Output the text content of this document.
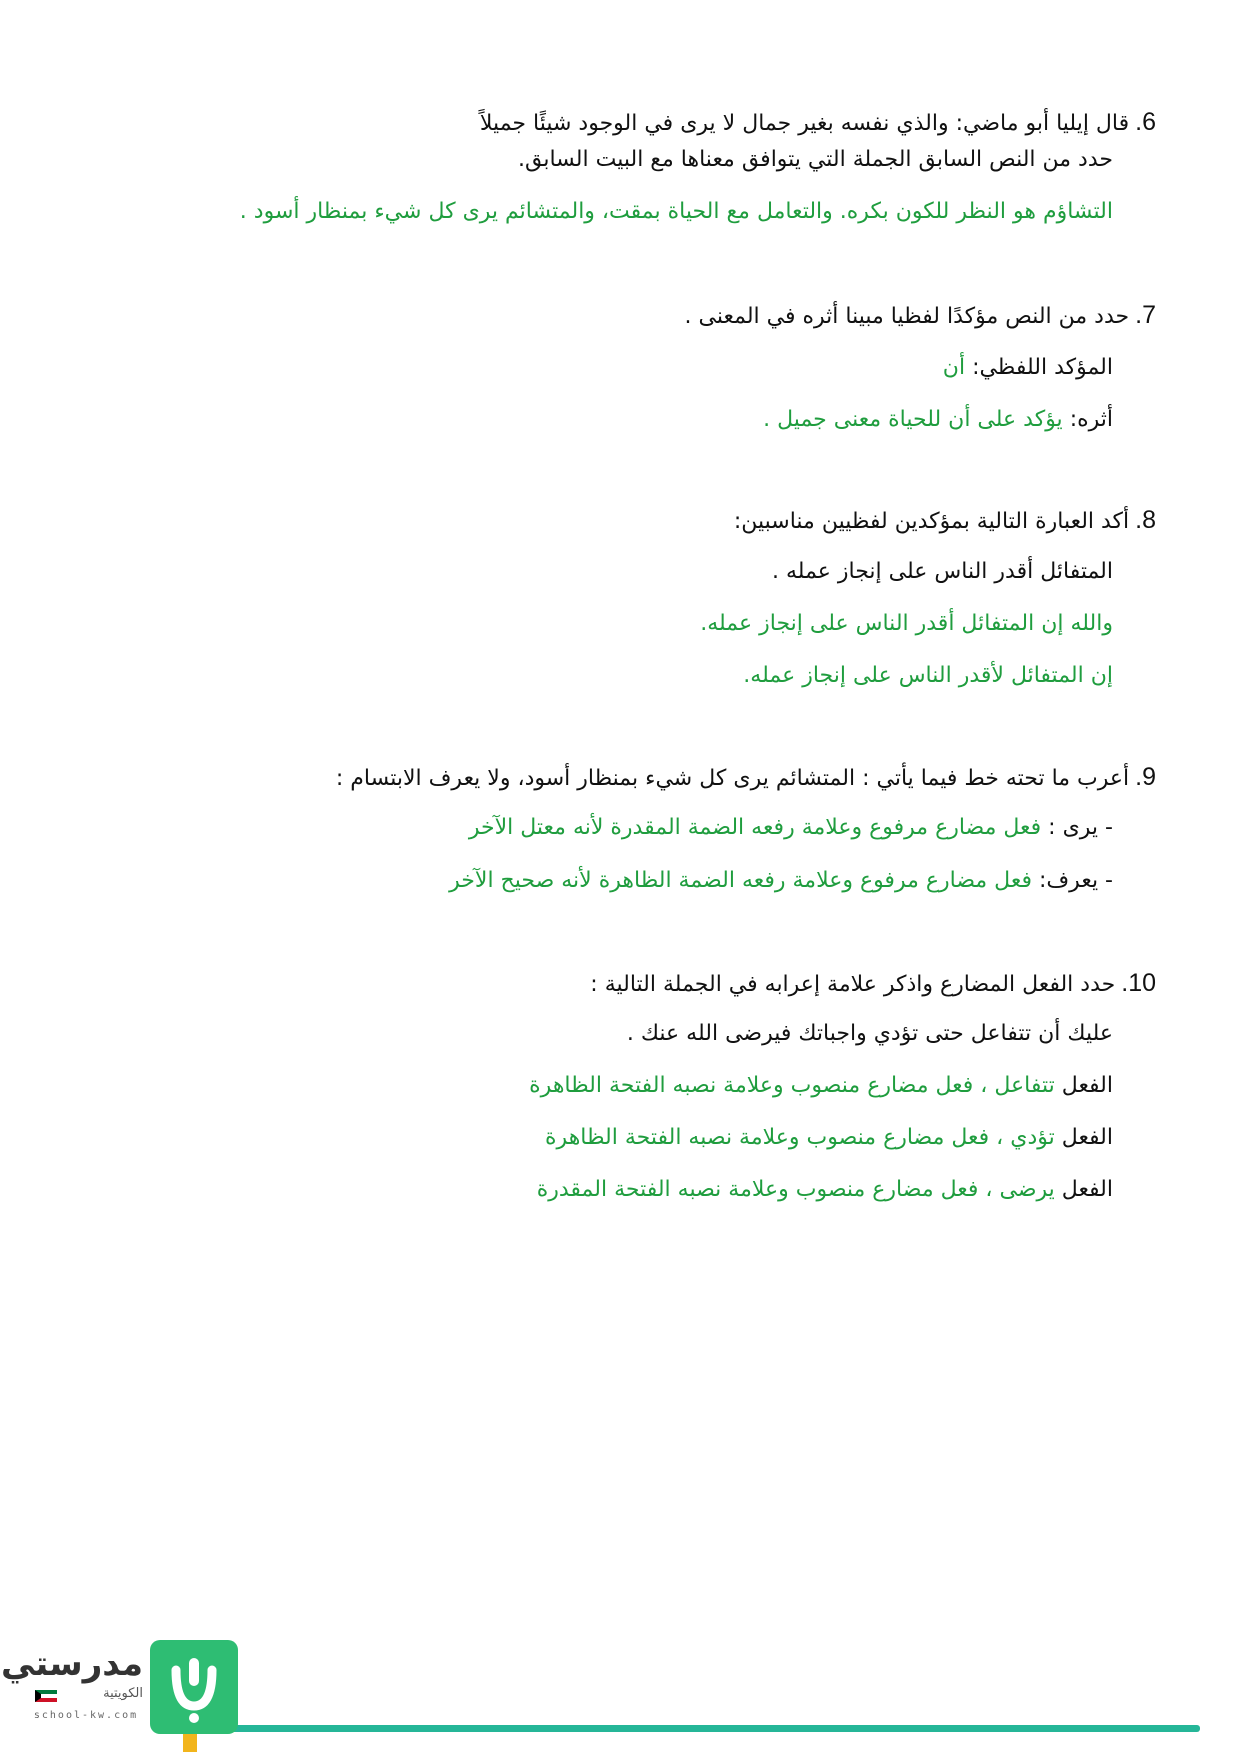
6.قال إيليا أبو ماضي: والذي نفسه بغير جمال لا يرى في الوجود شيئًا جميلاً
حدد من النص السابق الجملة التي يتوافق معناها مع البيت السابق.
التشاؤم هو النظر للكون بكره. والتعامل مع الحياة بمقت، والمتشائم يرى كل شيء بمنظار أسود .
7.حدد من النص مؤكدًا لفظيا مبينا أثره في المعنى .
المؤكد اللفظي: أن
أثره: يؤكد على أن للحياة معنى جميل .
8.أكد العبارة التالية بمؤكدين لفظيين مناسبين:
المتفائل أقدر الناس على إنجاز عمله .
والله إن المتفائل أقدر الناس على إنجاز عمله.
إن المتفائل لأقدر الناس على إنجاز عمله.
9.أعرب ما تحته خط فيما يأتي : المتشائم يرى كل شيء بمنظار أسود، ولا يعرف الابتسام :
- يرى : فعل مضارع مرفوع وعلامة رفعه الضمة المقدرة لأنه معتل الآخر
- يعرف: فعل مضارع مرفوع وعلامة رفعه الضمة الظاهرة لأنه صحيح الآخر
10.حدد الفعل المضارع واذكر علامة إعرابه في الجملة التالية :
عليك أن تتفاعل حتى تؤدي واجباتك فيرضى الله عنك .
الفعل تتفاعل ، فعل مضارع منصوب وعلامة نصبه الفتحة الظاهرة
الفعل تؤدي ، فعل مضارع منصوب وعلامة نصبه الفتحة الظاهرة
الفعل يرضى ، فعل مضارع منصوب وعلامة نصبه الفتحة المقدرة
مدرستي
الكويتية
school-kw.com
